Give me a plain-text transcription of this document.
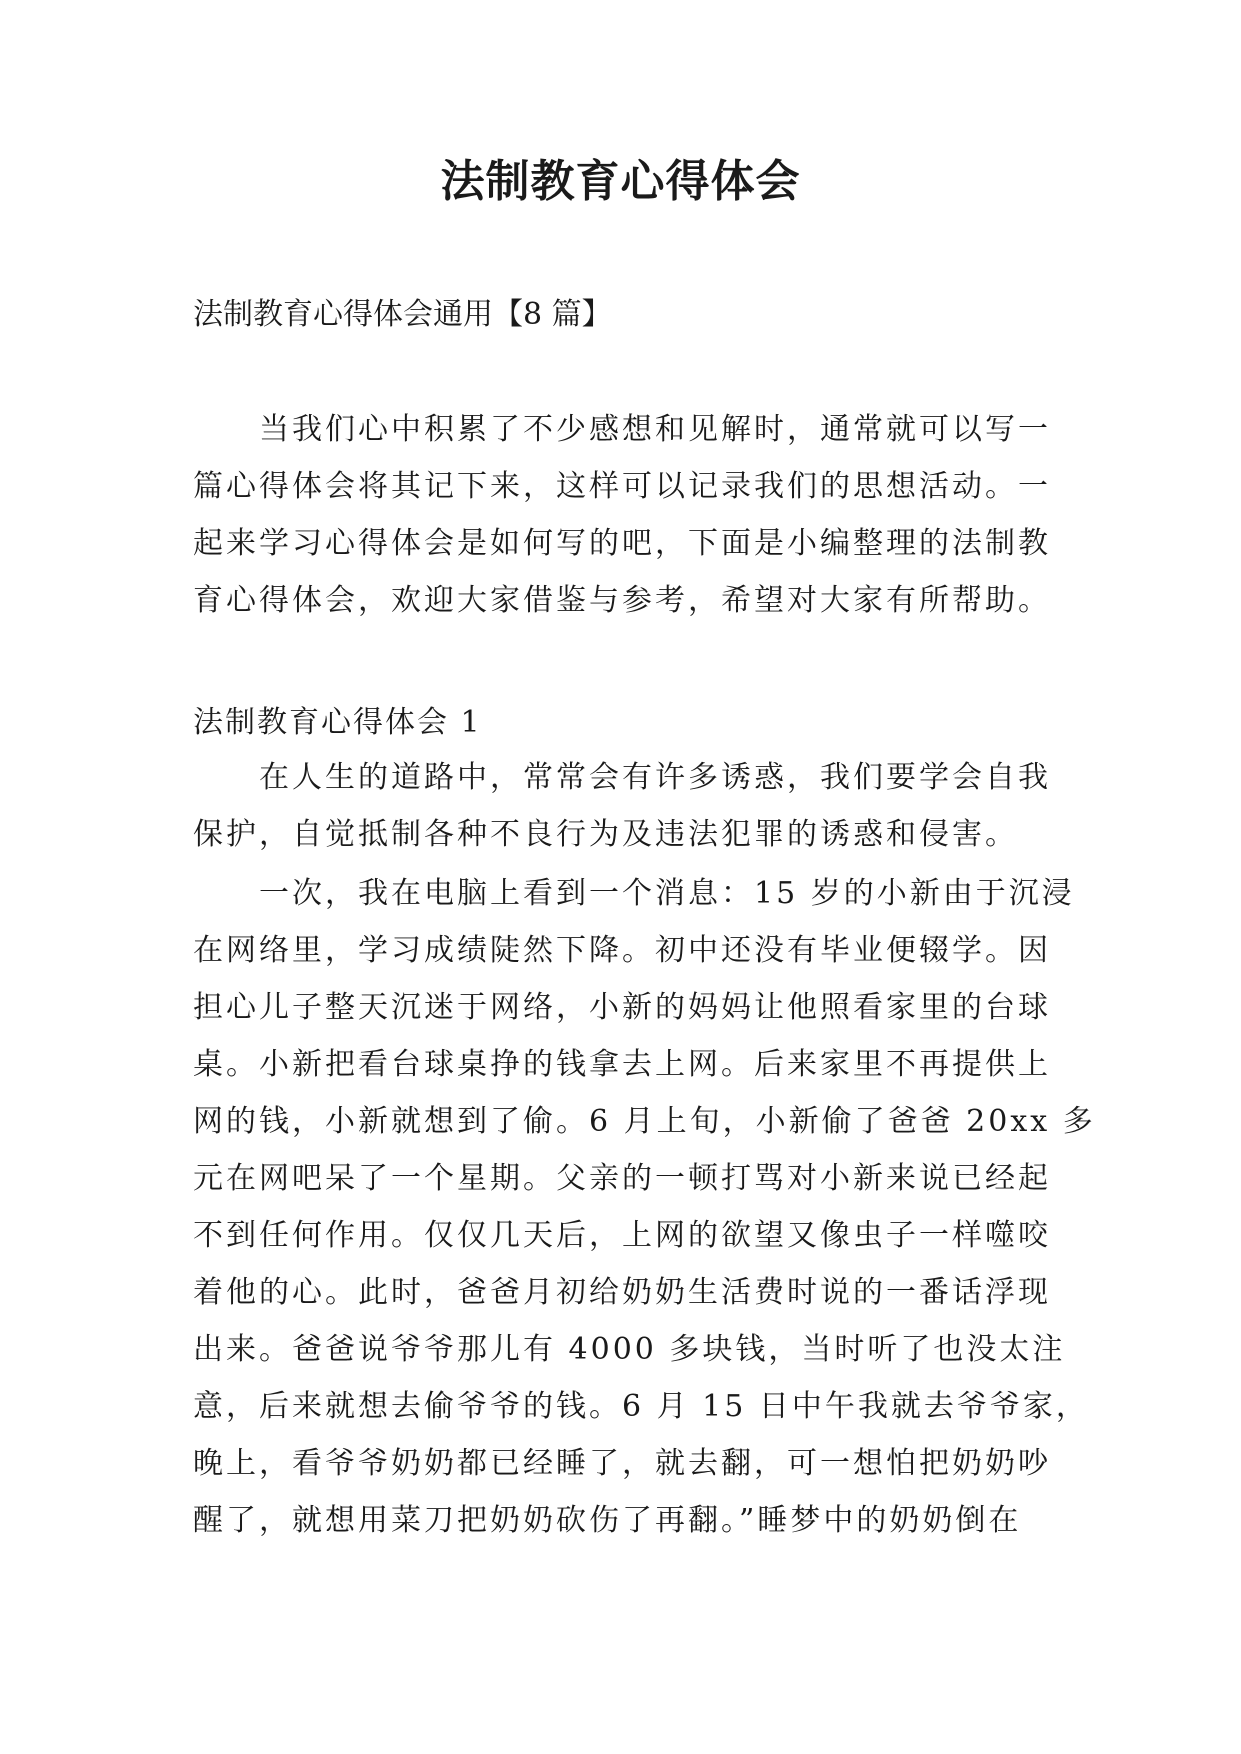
法制教育心得体会

法制教育心得体会通用【8 篇】

　　当我们心中积累了不少感想和见解时，通常就可以写一
篇心得体会将其记下来，这样可以记录我们的思想活动。一
起来学习心得体会是如何写的吧，下面是小编整理的法制教
育心得体会，欢迎大家借鉴与参考，希望对大家有所帮助。

法制教育心得体会 1

　　在人生的道路中，常常会有许多诱惑，我们要学会自我
保护，自觉抵制各种不良行为及违法犯罪的诱惑和侵害。
　　一次，我在电脑上看到一个消息：15 岁的小新由于沉浸
在网络里，学习成绩陡然下降。初中还没有毕业便辍学。因
担心儿子整天沉迷于网络，小新的妈妈让他照看家里的台球
桌。小新把看台球桌挣的钱拿去上网。后来家里不再提供上
网的钱，小新就想到了偷。6 月上旬，小新偷了爸爸 20xx 多
元在网吧呆了一个星期。父亲的一顿打骂对小新来说已经起
不到任何作用。仅仅几天后，上网的欲望又像虫子一样噬咬
着他的心。此时，爸爸月初给奶奶生活费时说的一番话浮现
出来。爸爸说爷爷那儿有 4000 多块钱，当时听了也没太注
意，后来就想去偷爷爷的钱。6 月 15 日中午我就去爷爷家，
晚上，看爷爷奶奶都已经睡了，就去翻，可一想怕把奶奶吵
醒了，就想用菜刀把奶奶砍伤了再翻。”睡梦中的奶奶倒在
